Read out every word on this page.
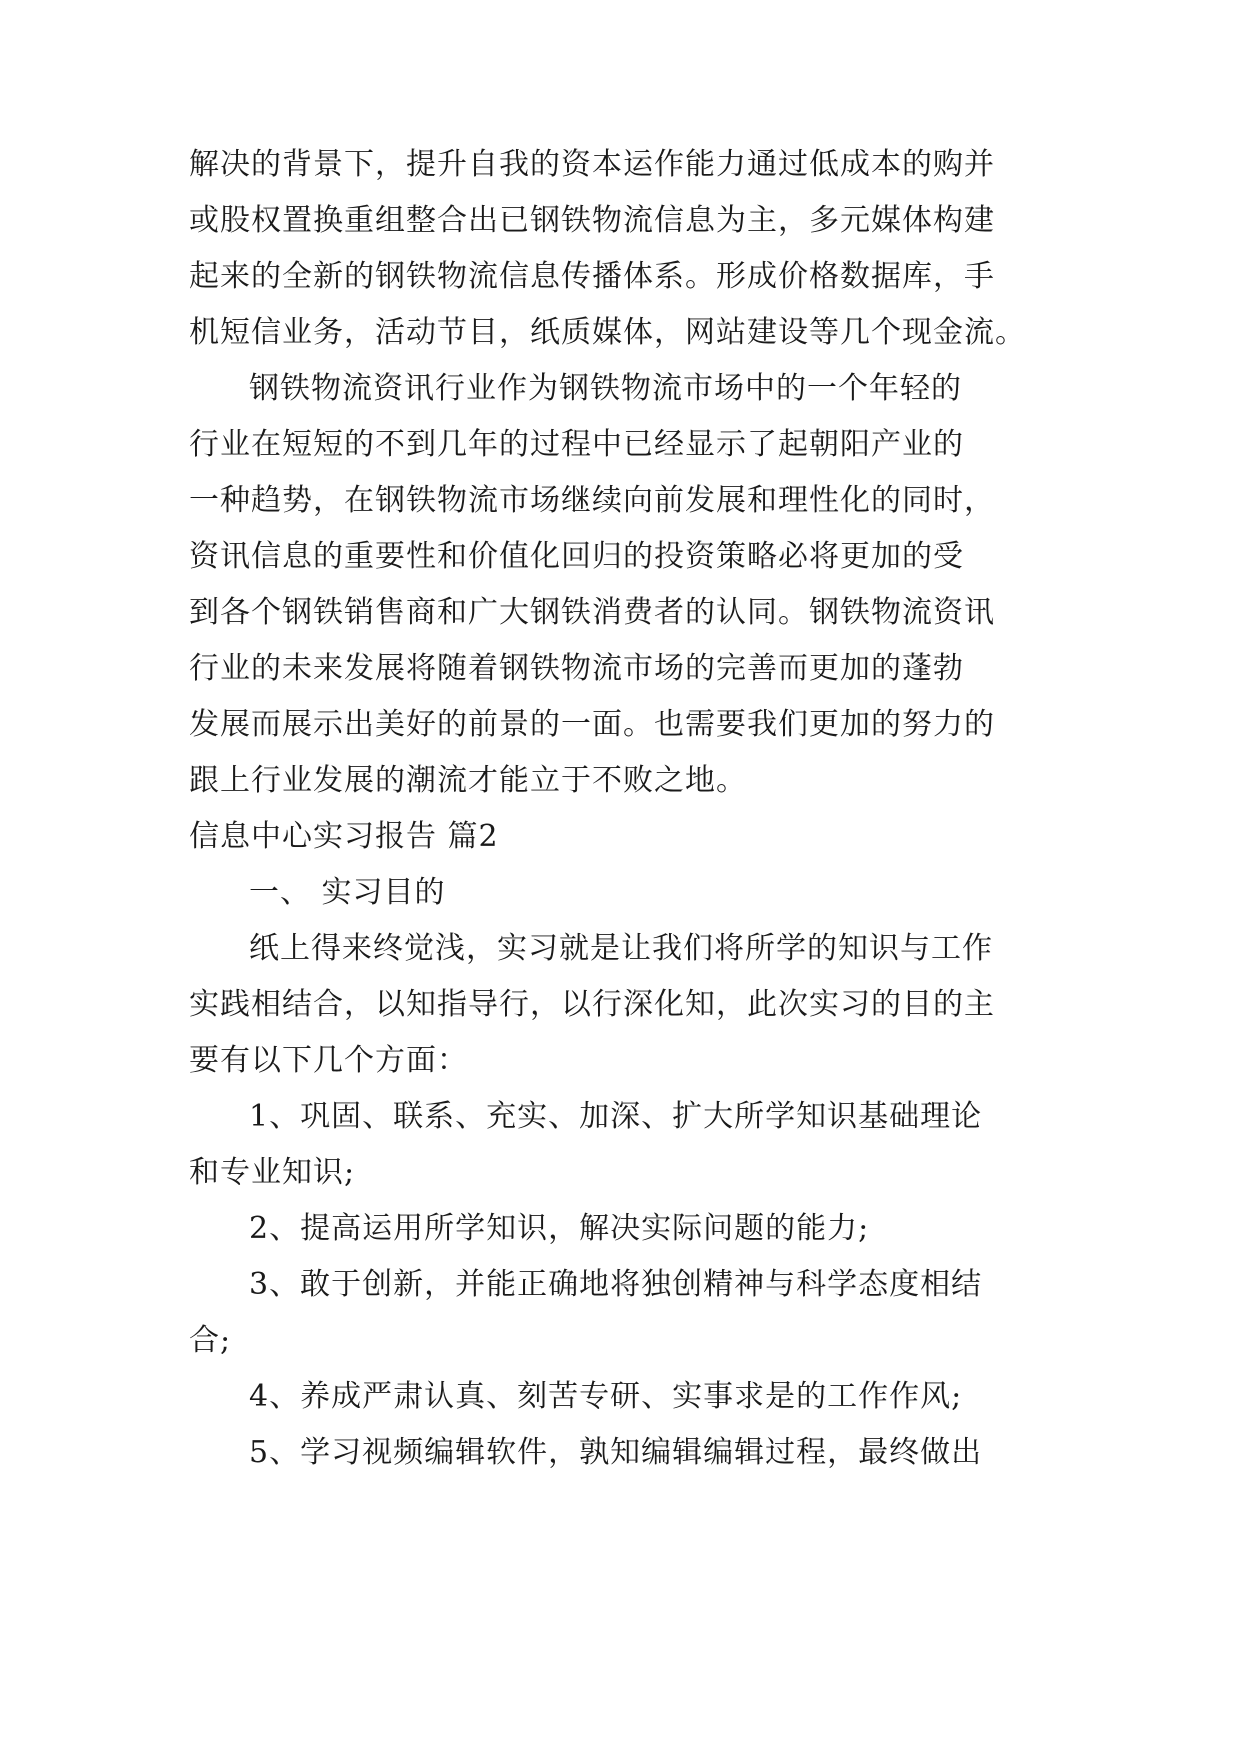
解决的背景下，提升自我的资本运作能力通过低成本的购并
或股权置换重组整合出已钢铁物流信息为主，多元媒体构建
起来的全新的钢铁物流信息传播体系。形成价格数据库，手
机短信业务，活动节目，纸质媒体，网站建设等几个现金流。
钢铁物流资讯行业作为钢铁物流市场中的一个年轻的
行业在短短的不到几年的过程中已经显示了起朝阳产业的
一种趋势，在钢铁物流市场继续向前发展和理性化的同时，
资讯信息的重要性和价值化回归的投资策略必将更加的受
到各个钢铁销售商和广大钢铁消费者的认同。钢铁物流资讯
行业的未来发展将随着钢铁物流市场的完善而更加的蓬勃
发展而展示出美好的前景的一面。也需要我们更加的努力的
跟上行业发展的潮流才能立于不败之地。
信息中心实习报告 篇2
一、 实习目的
纸上得来终觉浅，实习就是让我们将所学的知识与工作
实践相结合，以知指导行，以行深化知，此次实习的目的主
要有以下几个方面：
1、巩固、联系、充实、加深、扩大所学知识基础理论
和专业知识;
2、提高运用所学知识，解决实际问题的能力;
3、敢于创新，并能正确地将独创精神与科学态度相结
合;
4、养成严肃认真、刻苦专研、实事求是的工作作风;
5、学习视频编辑软件，孰知编辑编辑过程，最终做出
